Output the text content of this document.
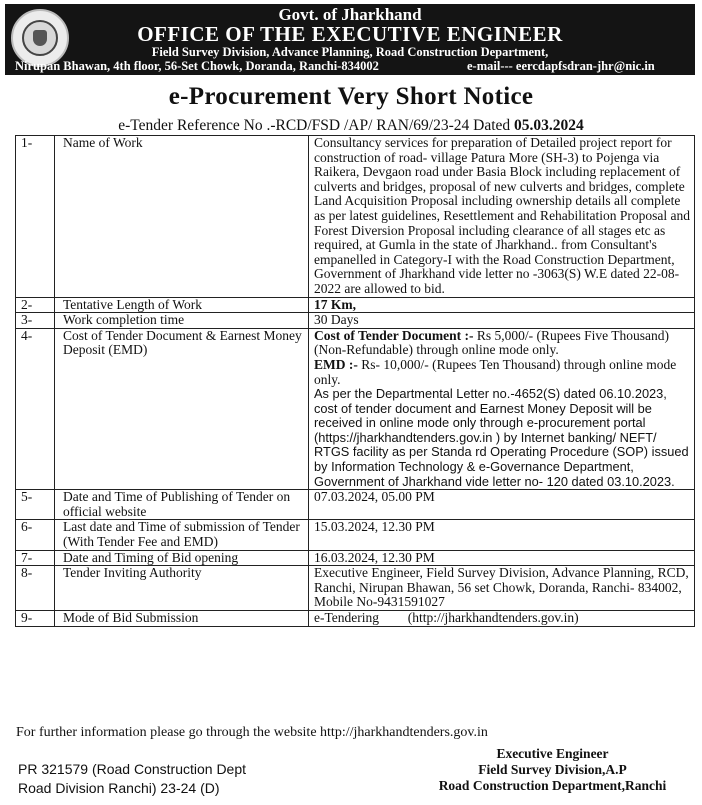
Govt. of Jharkhand
OFFICE OF THE EXECUTIVE ENGINEER
Field Survey Division, Advance Planning, Road Construction Department,
Nirupan Bhawan, 4th floor, 56-Set Chowk, Doranda, Ranchi-834002	e-mail--- eercdapfsdran-jhr@nic.in
e-Procurement Very Short Notice
e-Tender Reference No .-RCD/FSD /AP/ RAN/69/23-24 Dated 05.03.2024
1-	Name of Work	Consultancy services for preparation of Detailed project report for construction of road- village Patura More (SH-3) to Pojenga via Raikera, Devgaon road under Basia Block including replacement of culverts and bridges, proposal of new culverts and bridges, complete Land Acquisition Proposal including ownership details all complete as per latest guidelines, Resettlement and Rehabilitation Proposal and Forest Diversion Proposal including clearance of all stages etc as required, at Gumla in the state of Jharkhand.. from Consultant's empanelled in Category-I with the Road Construction Department, Government of Jharkhand vide letter no -3063(S) W.E dated 22-08-2022 are allowed to bid.
2-	Tentative Length of Work	17 Km,
3-	Work completion time	30 Days
4-	Cost of Tender Document & Earnest Money Deposit (EMD)	Cost of Tender Document :- Rs 5,000/- (Rupees Five Thousand) (Non-Refundable) through online mode only.
EMD :- Rs- 10,000/- (Rupees Ten Thousand) through online mode only.
As per the Departmental Letter no.-4652(S) dated 06.10.2023, cost of tender document and Earnest Money Deposit will be received in online mode only through e-procurement portal (https://jharkhandtenders.gov.in ) by Internet banking/ NEFT/ RTGS facility as per Standa rd Operating Procedure (SOP) issued by Information Technology & e-Governance Department, Government of Jharkhand vide letter no- 120 dated 03.10.2023.
5-	Date and Time of Publishing of Tender on official website	07.03.2024, 05.00 PM
6-	Last date and Time of submission of Tender (With Tender Fee and EMD)	15.03.2024, 12.30 PM
7-	Date and Timing of Bid opening	16.03.2024, 12.30 PM
8-	Tender Inviting Authority	Executive Engineer, Field Survey Division, Advance Planning, RCD, Ranchi, Nirupan Bhawan, 56 set Chowk, Doranda, Ranchi- 834002, Mobile No-9431591027
9-	Mode of Bid Submission	e-Tendering (http://jharkhandtenders.gov.in)
For further information please go through the website http://jharkhandtenders.gov.in
PR 321579 (Road Construction Dept
Road Division Ranchi) 23-24 (D)
Executive Engineer
Field Survey Division,A.P
Road Construction Department,Ranchi
